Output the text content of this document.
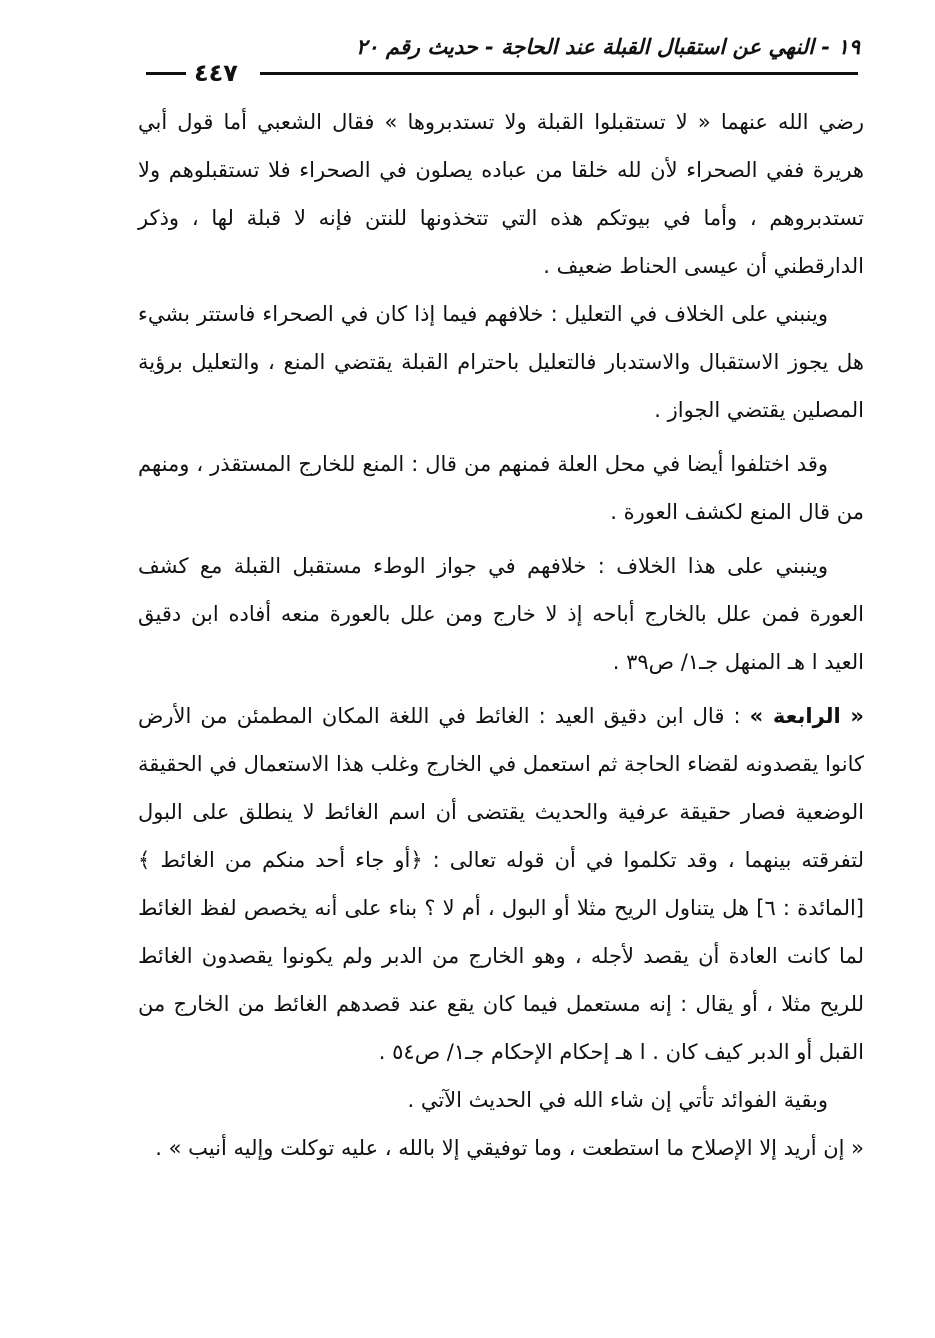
١٩ - النهي عن استقبال القبلة عند الحاجة - حديث رقم ٢٠
٤٤٧

رضي الله عنهما « لا تستقبلوا القبلة ولا تستدبروها » فقال الشعبي أما قول أبي هريرة ففي الصحراء لأن لله خلقا من عباده يصلون في الصحراء فلا تستقبلوهم ولا تستدبروهم ، وأما في بيوتكم هذه التي تتخذونها للنتن فإنه لا قبلة لها ، وذكر الدارقطني أن عيسى الحناط ضعيف .

وينبني على الخلاف في التعليل : خلافهم فيما إذا كان في الصحراء فاستتر بشيء هل يجوز الاستقبال والاستدبار فالتعليل باحترام القبلة يقتضي المنع ، والتعليل برؤية المصلين يقتضي الجواز .

وقد اختلفوا أيضا في محل العلة فمنهم من قال : المنع للخارج المستقذر ، ومنهم من قال المنع لكشف العورة .

وينبني على هذا الخلاف : خلافهم في جواز الوطء مستقبل القبلة مع كشف العورة فمن علل بالخارج أباحه إذ لا خارج ومن علل بالعورة منعه أفاده ابن دقيق العيد ا هـ المنهل جـ١/ ص٣٩ .

« الرابعة » : قال ابن دقيق العيد : الغائط في اللغة المكان المطمئن من الأرض كانوا يقصدونه لقضاء الحاجة ثم استعمل في الخارج وغلب هذا الاستعمال في الحقيقة الوضعية فصار حقيقة عرفية والحديث يقتضى أن اسم الغائط لا ينطلق على البول لتفرقته بينهما ، وقد تكلموا في أن قوله تعالى : ﴿أو جاء أحد منكم من الغائط ﴾ [المائدة : ٦] هل يتناول الريح مثلا أو البول ، أم لا ؟ بناء على أنه يخصص لفظ الغائط لما كانت العادة أن يقصد لأجله ، وهو الخارج من الدبر ولم يكونوا يقصدون الغائط للريح مثلا ، أو يقال : إنه مستعمل فيما كان يقع عند قصدهم الغائط من الخارج من القبل أو الدبر كيف كان . ا هـ إحكام الإحكام جـ١/ ص٥٤ .

وبقية الفوائد تأتي إن شاء الله في الحديث الآتي .

« إن أريد إلا الإصلاح ما استطعت ، وما توفيقي إلا بالله ، عليه توكلت وإليه أنيب » .
